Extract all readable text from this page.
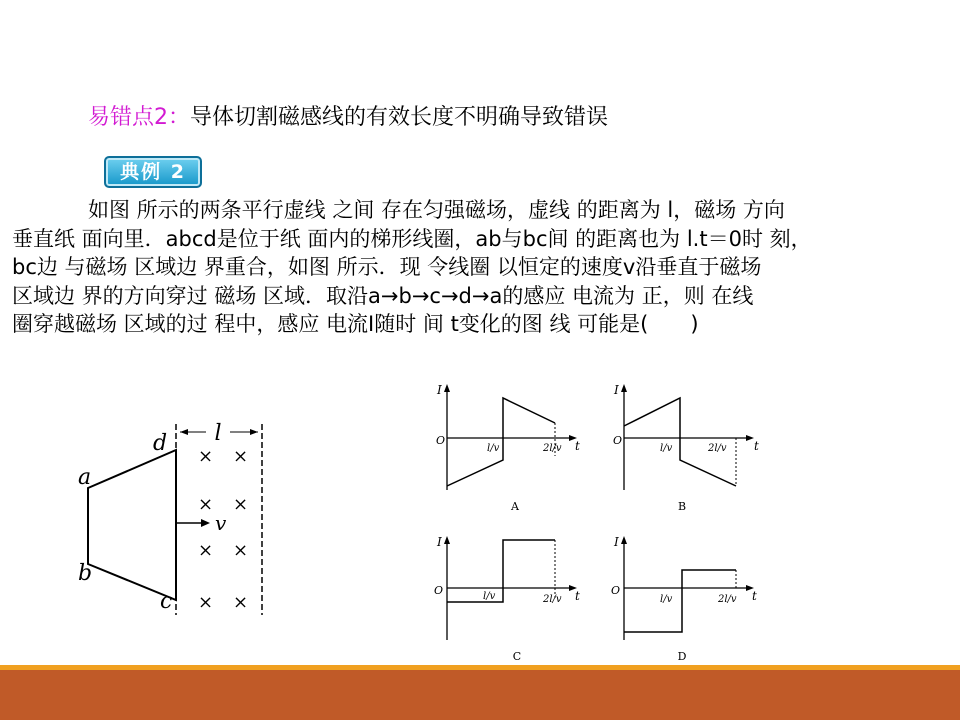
易错点2：导体切割磁感线的有效长度不明确导致错误
典例 2
如图 所示的两条平行虚线 之间 存在匀强磁场，虚线 的距离为 l，磁场 方向
垂直纸 面向里．abcd是位于纸 面内的梯形线圈，ab与bc间 的距离也为 l.t＝0时 刻，
bc边 与磁场 区域边 界重合，如图 所示．现 令线圈 以恒定的速度v沿垂直于磁场
区域边 界的方向穿过 磁场 区域．取沿a→b→c→d→a的感应 电流为 正，则 在线
圈穿越磁场 区域的过 程中，感应 电流I随时 间 t变化的图 线 可能是(　　)
l
a
b
c
d
v
× ×
× ×
× ×
× ×
I
O
l/v	2l/v t
A
I
O
l/v	2l/v t
B
I
O	l/v	2l/v t
C
I
O
l/v	2l/v t
D
